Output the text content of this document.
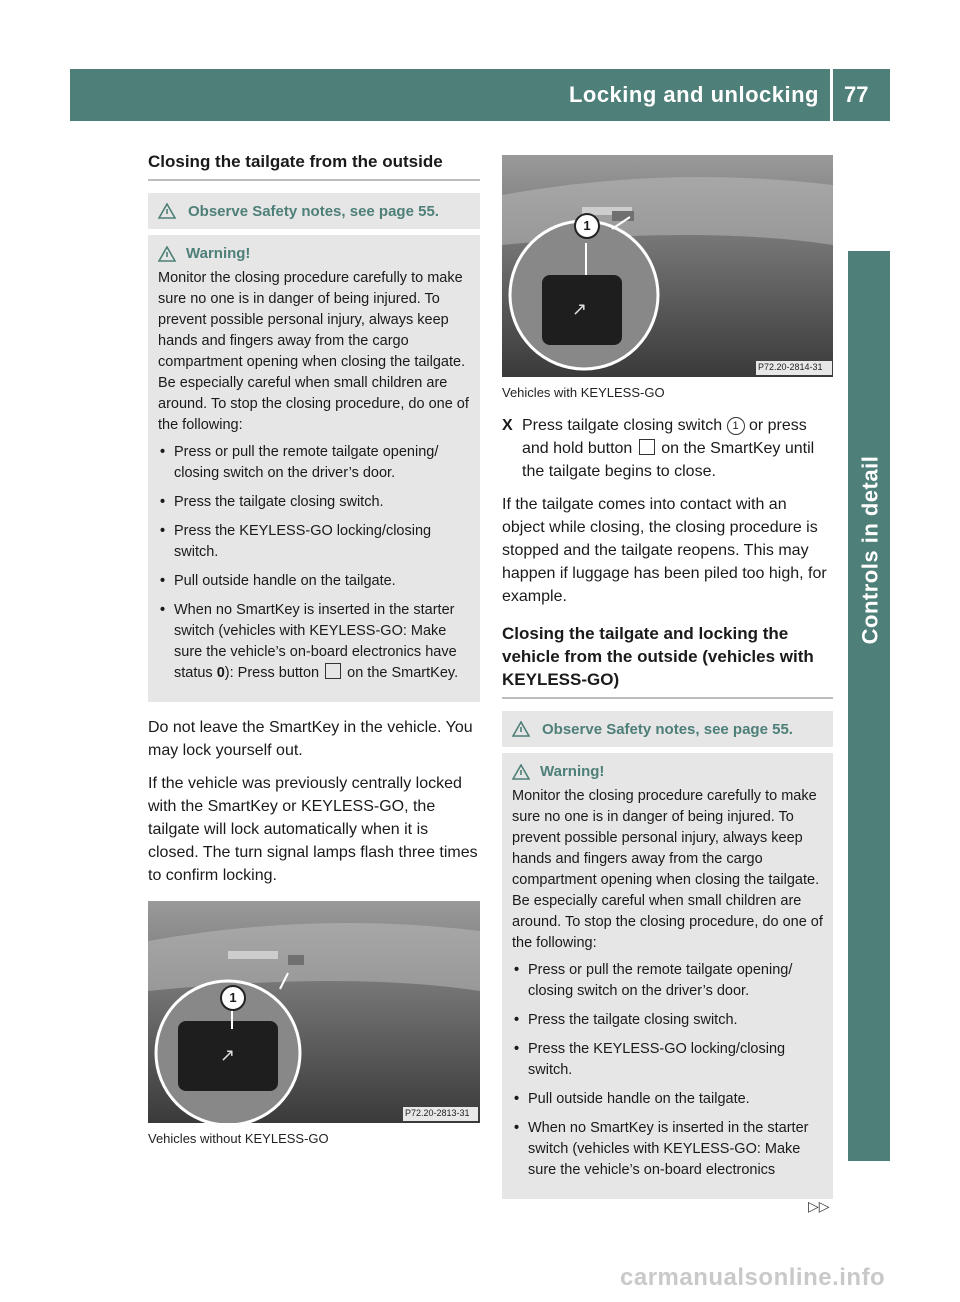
Locking and unlocking 77
Controls in detail
Closing the tailgate from the outside
Observe Safety notes, see page 55.
Warning!

Monitor the closing procedure carefully to make sure no one is in danger of being injured. To prevent possible personal injury, always keep hands and fingers away from the cargo compartment opening when closing the tailgate. Be especially careful when small children are around. To stop the closing procedure, do one of the following:

• Press or pull the remote tailgate opening/ closing switch on the driver’s door.
• Press the tailgate closing switch.
• Press the KEYLESS-GO locking/closing switch.
• Pull outside handle on the tailgate.
• When no SmartKey is inserted in the starter switch (vehicles with KEYLESS-GO: Make sure the vehicle’s on-board electronics have status 0): Press button  on the SmartKey.

Do not leave the SmartKey in the vehicle. You may lock yourself out.

If the vehicle was previously centrally locked with the SmartKey or KEYLESS-GO, the tailgate will lock automatically when it is closed. The turn signal lamps flash three times to confirm locking.

↗
1
P72.20-2813-31
Vehicles without KEYLESS-GO
↗
1
P72.20-2814-31
Vehicles with KEYLESS-GO
X Press tailgate closing switch 1 or press and hold button  on the SmartKey until the tailgate begins to close.

If the tailgate comes into contact with an object while closing, the closing procedure is stopped and the tailgate reopens. This may happen if luggage has been piled too high, for example.

Closing the tailgate and locking the vehicle from the outside (vehicles with KEYLESS-GO)
Observe Safety notes, see page 55.
Warning!

Monitor the closing procedure carefully to make sure no one is in danger of being injured. To prevent possible personal injury, always keep hands and fingers away from the cargo compartment opening when closing the tailgate. Be especially careful when small children are around. To stop the closing procedure, do one of the following:

• Press or pull the remote tailgate opening/ closing switch on the driver’s door.
• Press the tailgate closing switch.
• Press the KEYLESS-GO locking/closing switch.
• Pull outside handle on the tailgate.
• When no SmartKey is inserted in the starter switch (vehicles with KEYLESS-GO: Make sure the vehicle’s on-board electronics
▷▷
carmanualsonline.info
